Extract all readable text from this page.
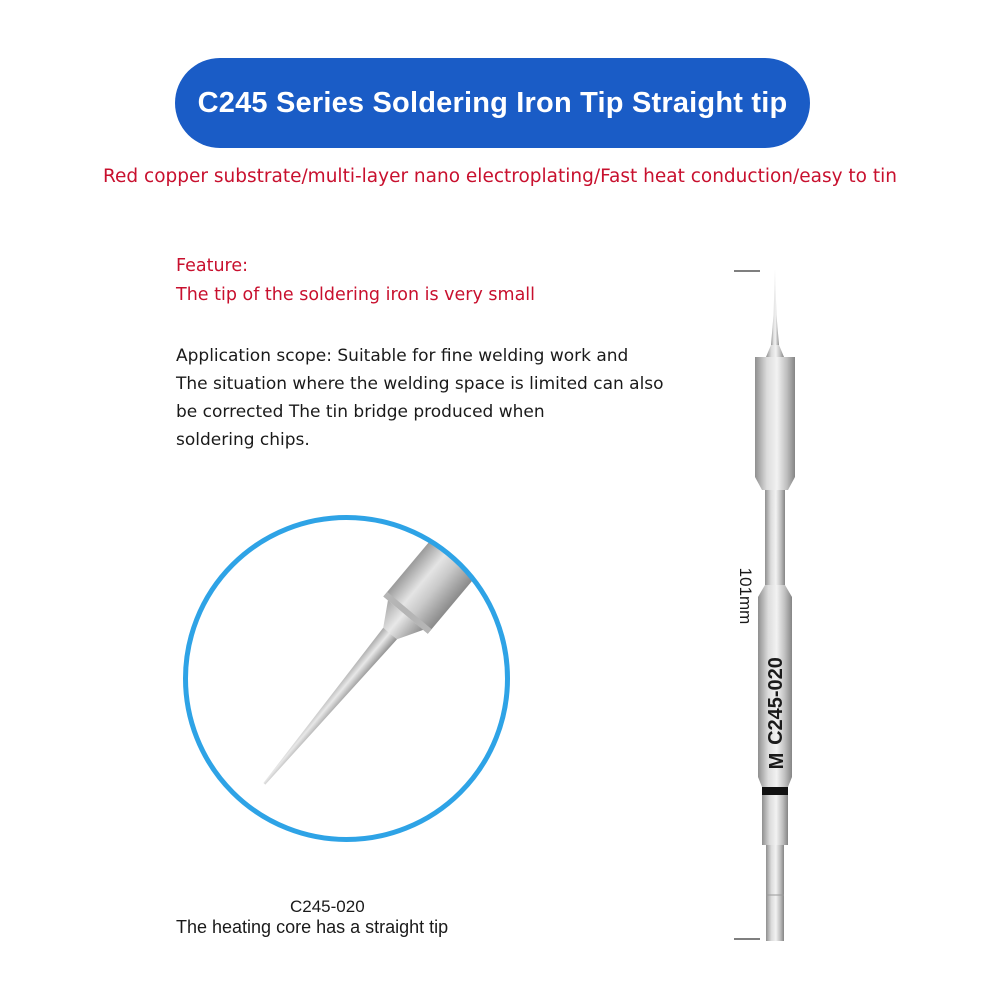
C245 Series Soldering Iron Tip Straight tip
Red copper substrate/multi-layer nano electroplating/Fast heat conduction/easy to tin
Feature:
The tip of the soldering iron is very small
Application scope: Suitable for fine welding work and
The situation where the welding space is limited can also
be corrected The tin bridge produced when
soldering chips.
C245-020
The heating core has a straight tip
C245-020
M
101mm
